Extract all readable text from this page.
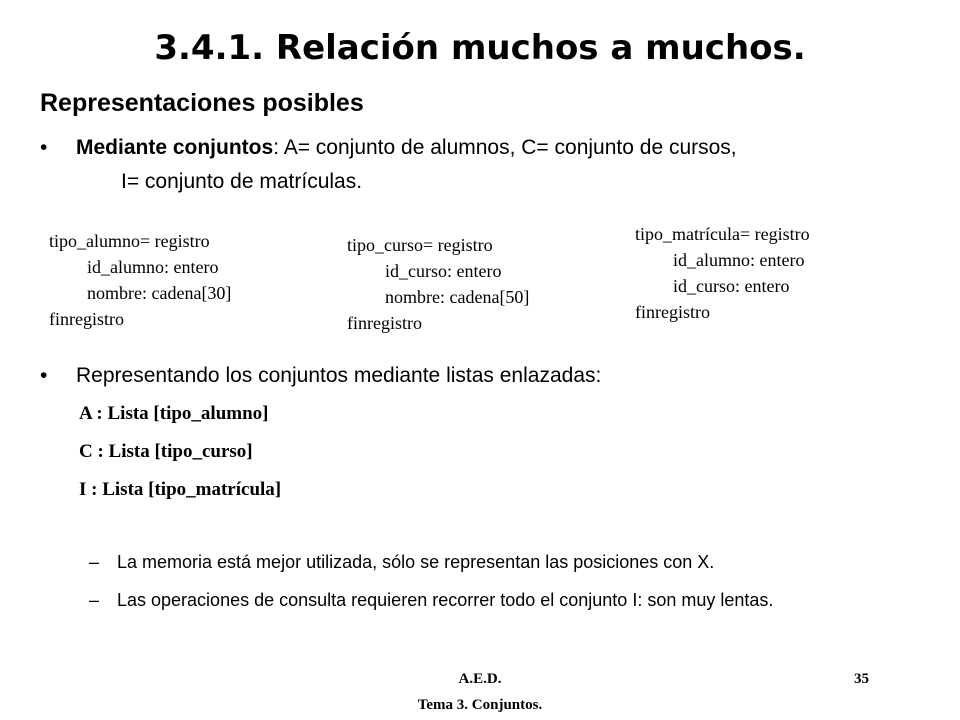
3.4.1. Relación muchos a muchos.
Representaciones posibles
• Mediante conjuntos: A= conjunto de alumnos, C= conjunto de cursos,
I= conjunto de matrículas.
tipo_alumno= registro
id_alumno: entero
nombre: cadena[30]
finregistro
tipo_curso= registro
id_curso: entero
nombre: cadena[50]
finregistro
tipo_matrícula= registro
id_alumno: entero
id_curso: entero
finregistro
• Representando los conjuntos mediante listas enlazadas:
A : Lista [tipo_alumno]
C : Lista [tipo_curso]
I : Lista [tipo_matrícula]
– La memoria está mejor utilizada, sólo se representan las posiciones con X.
– Las operaciones de consulta requieren recorrer todo el conjunto I: son muy lentas.
A.E.D.
Tema 3. Conjuntos.
35
